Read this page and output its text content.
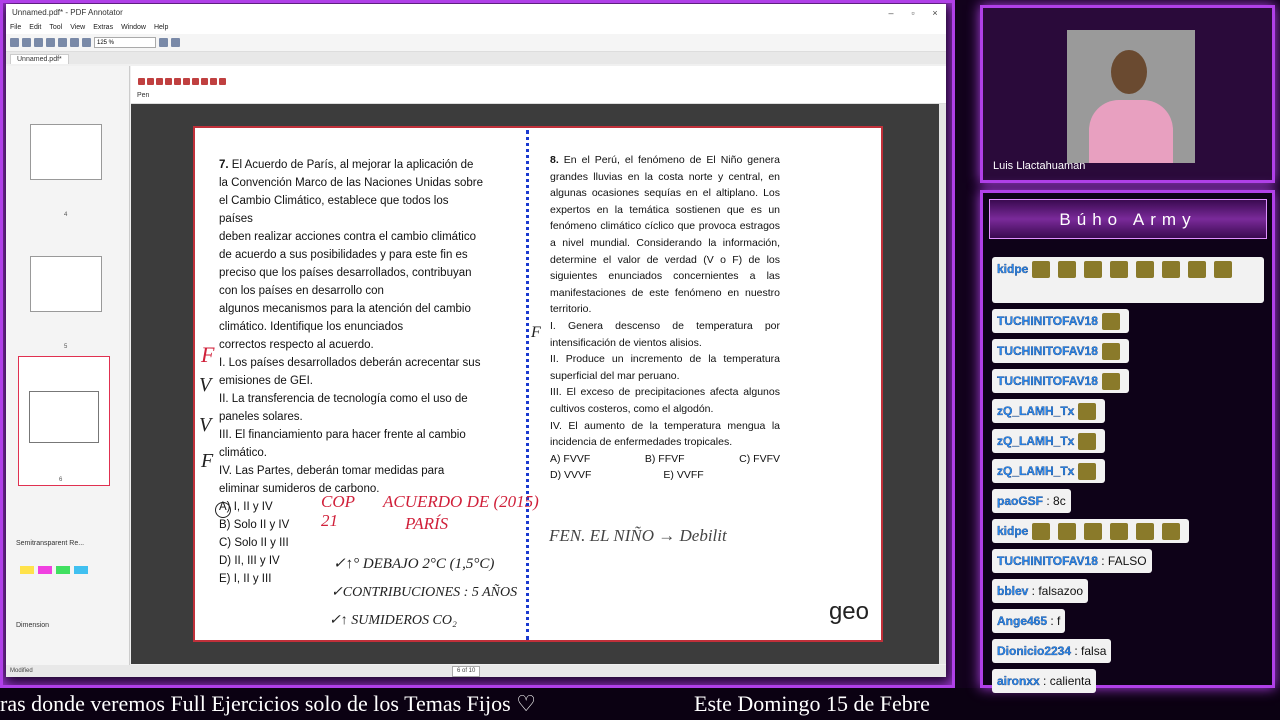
Unnamed.pdf* - PDF Annotator	–	▫	×
File Edit Tool View Extras Window Help
125 %
Unnamed.pdf*
4
5
6
Semitransparent Re...
Dimension
Pen
7. El Acuerdo de París, al mejorar la aplicación de
la Convención Marco de las Naciones Unidas sobre
el Cambio Climático, establece que todos los países
deben realizar acciones contra el cambio climático
de acuerdo a sus posibilidades y para este fin es
preciso que los países desarrollados, contribuyan
con los países en desarrollo con
algunos mecanismos para la atención del cambio
climático. Identifique los enunciados
correctos respecto al acuerdo.
I. Los países desarrollados deberán acrecentar sus
emisiones de GEI.
II. La transferencia de tecnología como el uso de
paneles solares.
III. El financiamiento para hacer frente al cambio
climático.
IV. Las Partes, deberán tomar medidas para
eliminar sumideros de carbono.
A) I, II y IV
B) Solo II y IV
C) Solo II y III
D) II, III y IV
E) I, II y III
8. En el Perú, el fenómeno de El Niño genera grandes lluvias en la costa norte y central, en algunas ocasiones sequías en el altiplano. Los expertos en la temática sostienen que es un fenómeno climático cíclico que provoca estragos a nivel mundial. Considerando la información, determine el valor de verdad (V o F) de los siguientes enunciados concernientes a las manifestaciones de este fenómeno en nuestro territorio.
I. Genera descenso de temperatura por intensificación de vientos alisios.
II. Produce un incremento de la temperatura superficial del mar peruano.
III. El exceso de precipitaciones afecta algunos cultivos costeros, como el algodón.
IV. El aumento de la temperatura mengua la incidencia de enfermedades tropicales.
A) FVVF	B) FFVF	C) FVFV
D) VVVF	E) VVFF
F
V
V
F
F
COP 21
ACUERDO DE (2015)
PARÍS
✓↑° DEBAJO 2°C (1,5°C)
✓CONTRIBUCIONES : 5 AÑOS
✓↑ SUMIDEROS CO₂
FEN. EL NIÑO → Debilit
geo
Modified	6 of 10
ras donde veremos Full Ejercicios solo de los Temas Fijos ♡	Este Domingo 15 de Febre
Luis Llactahuaman
Búho Army
kidpe
TUCHINITOFAV18
TUCHINITOFAV18
TUCHINITOFAV18
zQ_LAMH_Tx
zQ_LAMH_Tx
zQ_LAMH_Tx
paoGSF : 8c
kidpe
TUCHINITOFAV18 : FALSO
bblev : falsazoo
Ange465 : f
Dionicio2234 : falsa
aironxx : calienta
